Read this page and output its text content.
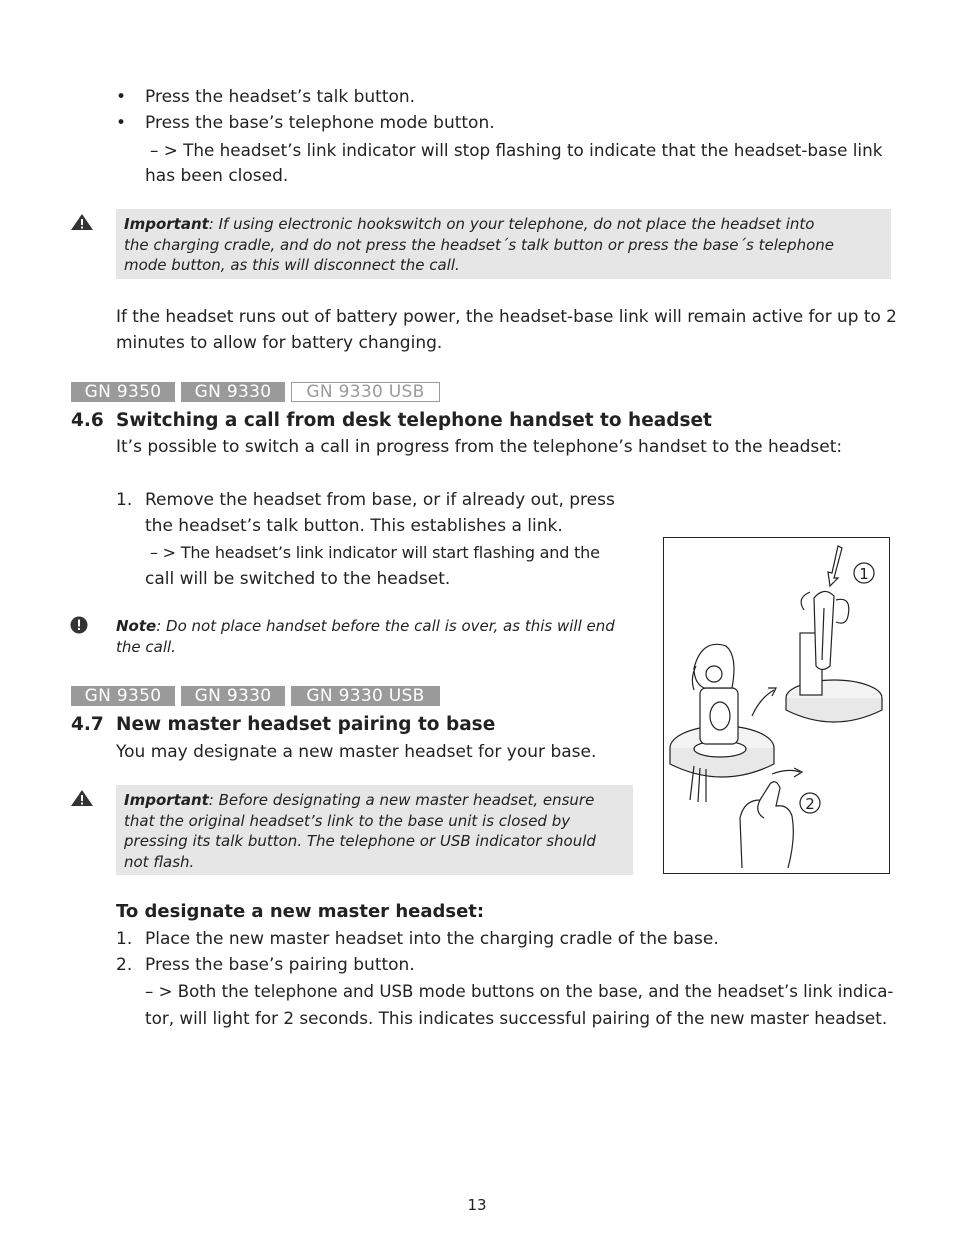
• Press the headset’s talk button.
• Press the base’s telephone mode button.
– > The headset’s link indicator will stop flashing to indicate that the headset-base link
has been closed.
Important: If using electronic hookswitch on your telephone, do not place the headset into
the charging cradle, and do not press the headset´s talk button or press the base´s telephone
mode button, as this will disconnect the call.
If the headset runs out of battery power, the headset-base link will remain active for up to 2
minutes to allow for battery changing.
GN 9350	GN 9330	GN 9330 USB
4.6 Switching a call from desk telephone handset to headset
It’s possible to switch a call in progress from the telephone’s handset to the headset:
1. Remove the headset from base, or if already out, press
the headset’s talk button. This establishes a link.
– > The headset’s link indicator will start flashing and the
call will be switched to the headset.
Note: Do not place handset before the call is over, as this will end
the call.
1
2
GN 9350	GN 9330	GN 9330 USB
4.7 New master headset pairing to base
You may designate a new master headset for your base.
Important: Before designating a new master headset, ensure
that the original headset’s link to the base unit is closed by
pressing its talk button. The telephone or USB indicator should
not flash.
To designate a new master headset:
1. Place the new master headset into the charging cradle of the base.
2. Press the base’s pairing button.
– > Both the telephone and USB mode buttons on the base, and the headset’s link indica-
tor, will light for 2 seconds. This indicates successful pairing of the new master headset.
13
